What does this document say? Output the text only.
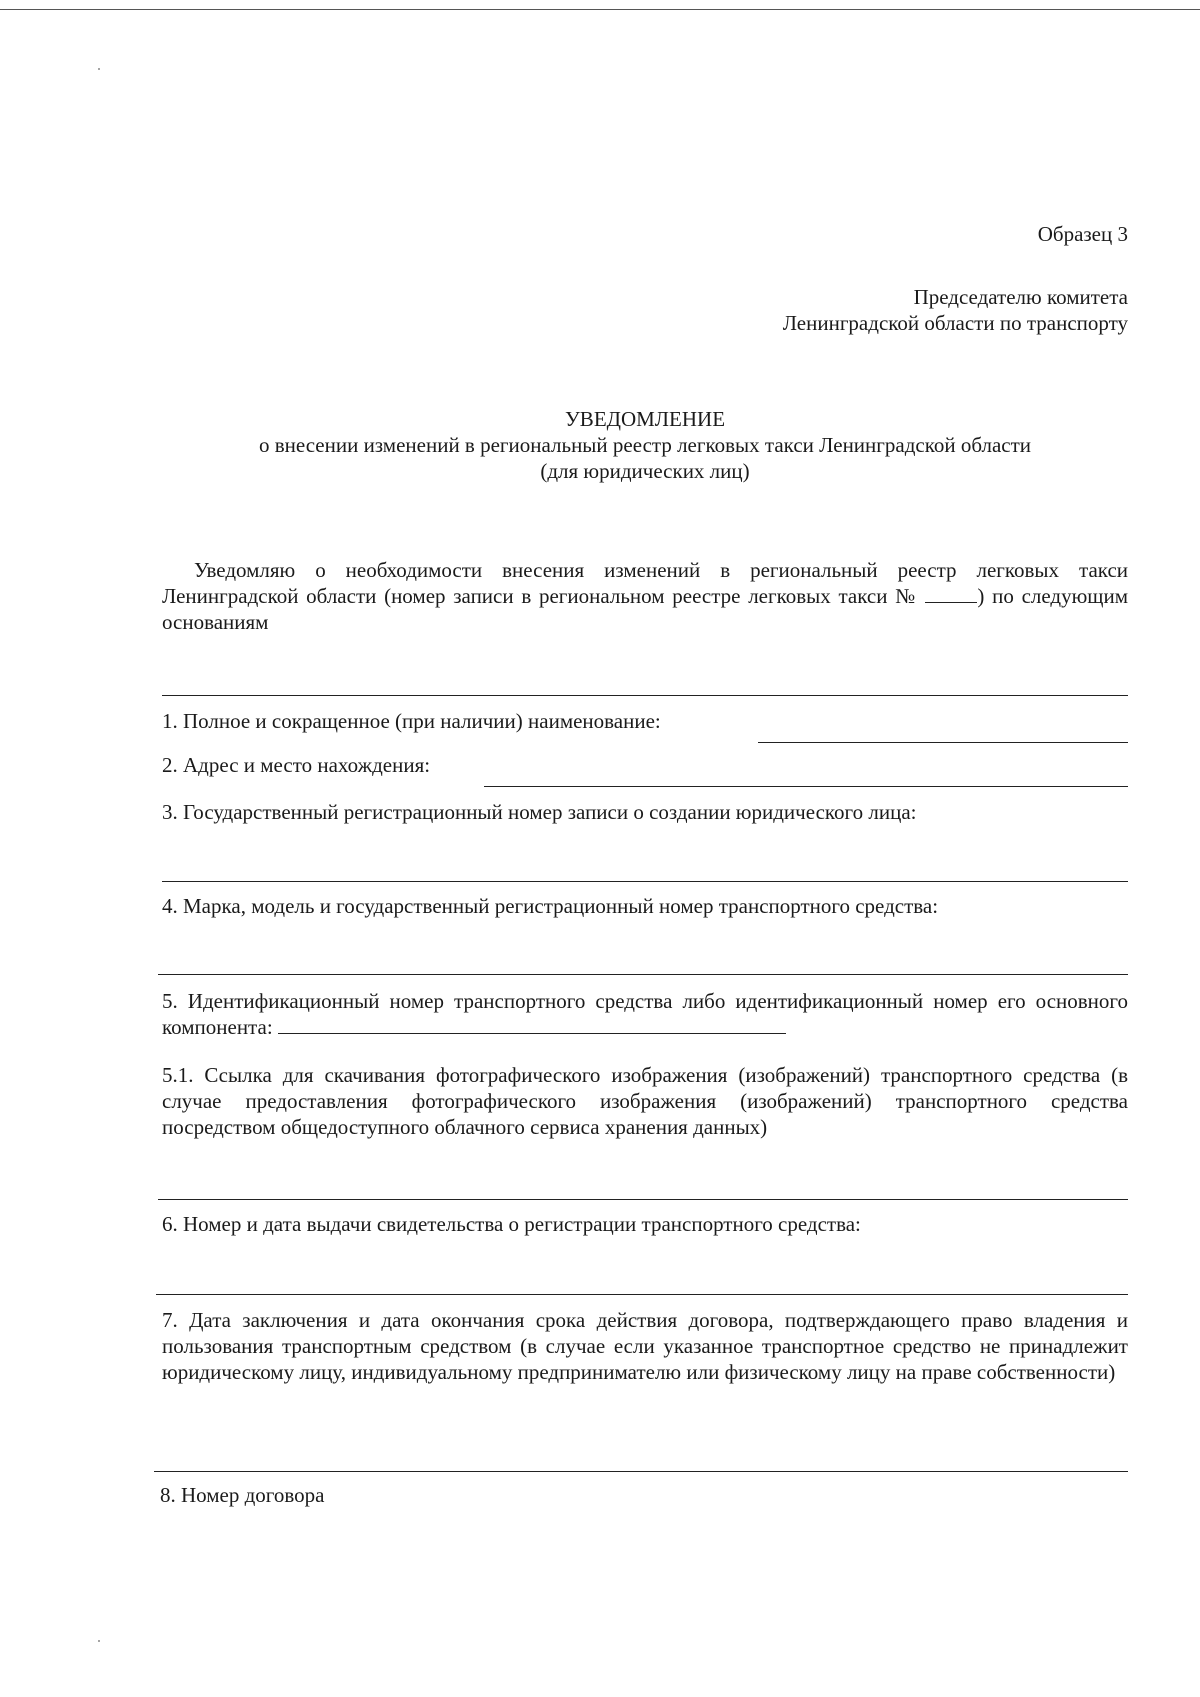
Образец 3
Председателю комитета
Ленинградской области по транспорту
УВЕДОМЛЕНИЕ
о внесении изменений в региональный реестр легковых такси Ленинградской области
(для юридических лиц)
Уведомляю о необходимости внесения изменений в региональный реестр легковых такси Ленинградской области (номер записи в региональном реестре легковых такси №	) по следующим основаниям
1. Полное и сокращенное (при наличии) наименование:
2. Адрес и место нахождения:
3. Государственный регистрационный номер записи о создании юридического лица:
4. Марка, модель и государственный регистрационный номер транспортного средства:
5. Идентификационный номер транспортного средства либо идентификационный номер его основного компонента:
5.1. Ссылка для скачивания фотографического изображения (изображений) транспортного средства (в случае предоставления фотографического изображения (изображений) транспортного средства посредством общедоступного облачного сервиса хранения данных)
6. Номер и дата выдачи свидетельства о регистрации транспортного средства:
7. Дата заключения и дата окончания срока действия договора, подтверждающего право владения и пользования транспортным средством (в случае если указанное транспортное средство не принадлежит юридическому лицу, индивидуальному предпринимателю или физическому лицу на праве собственности)
8. Номер договора
